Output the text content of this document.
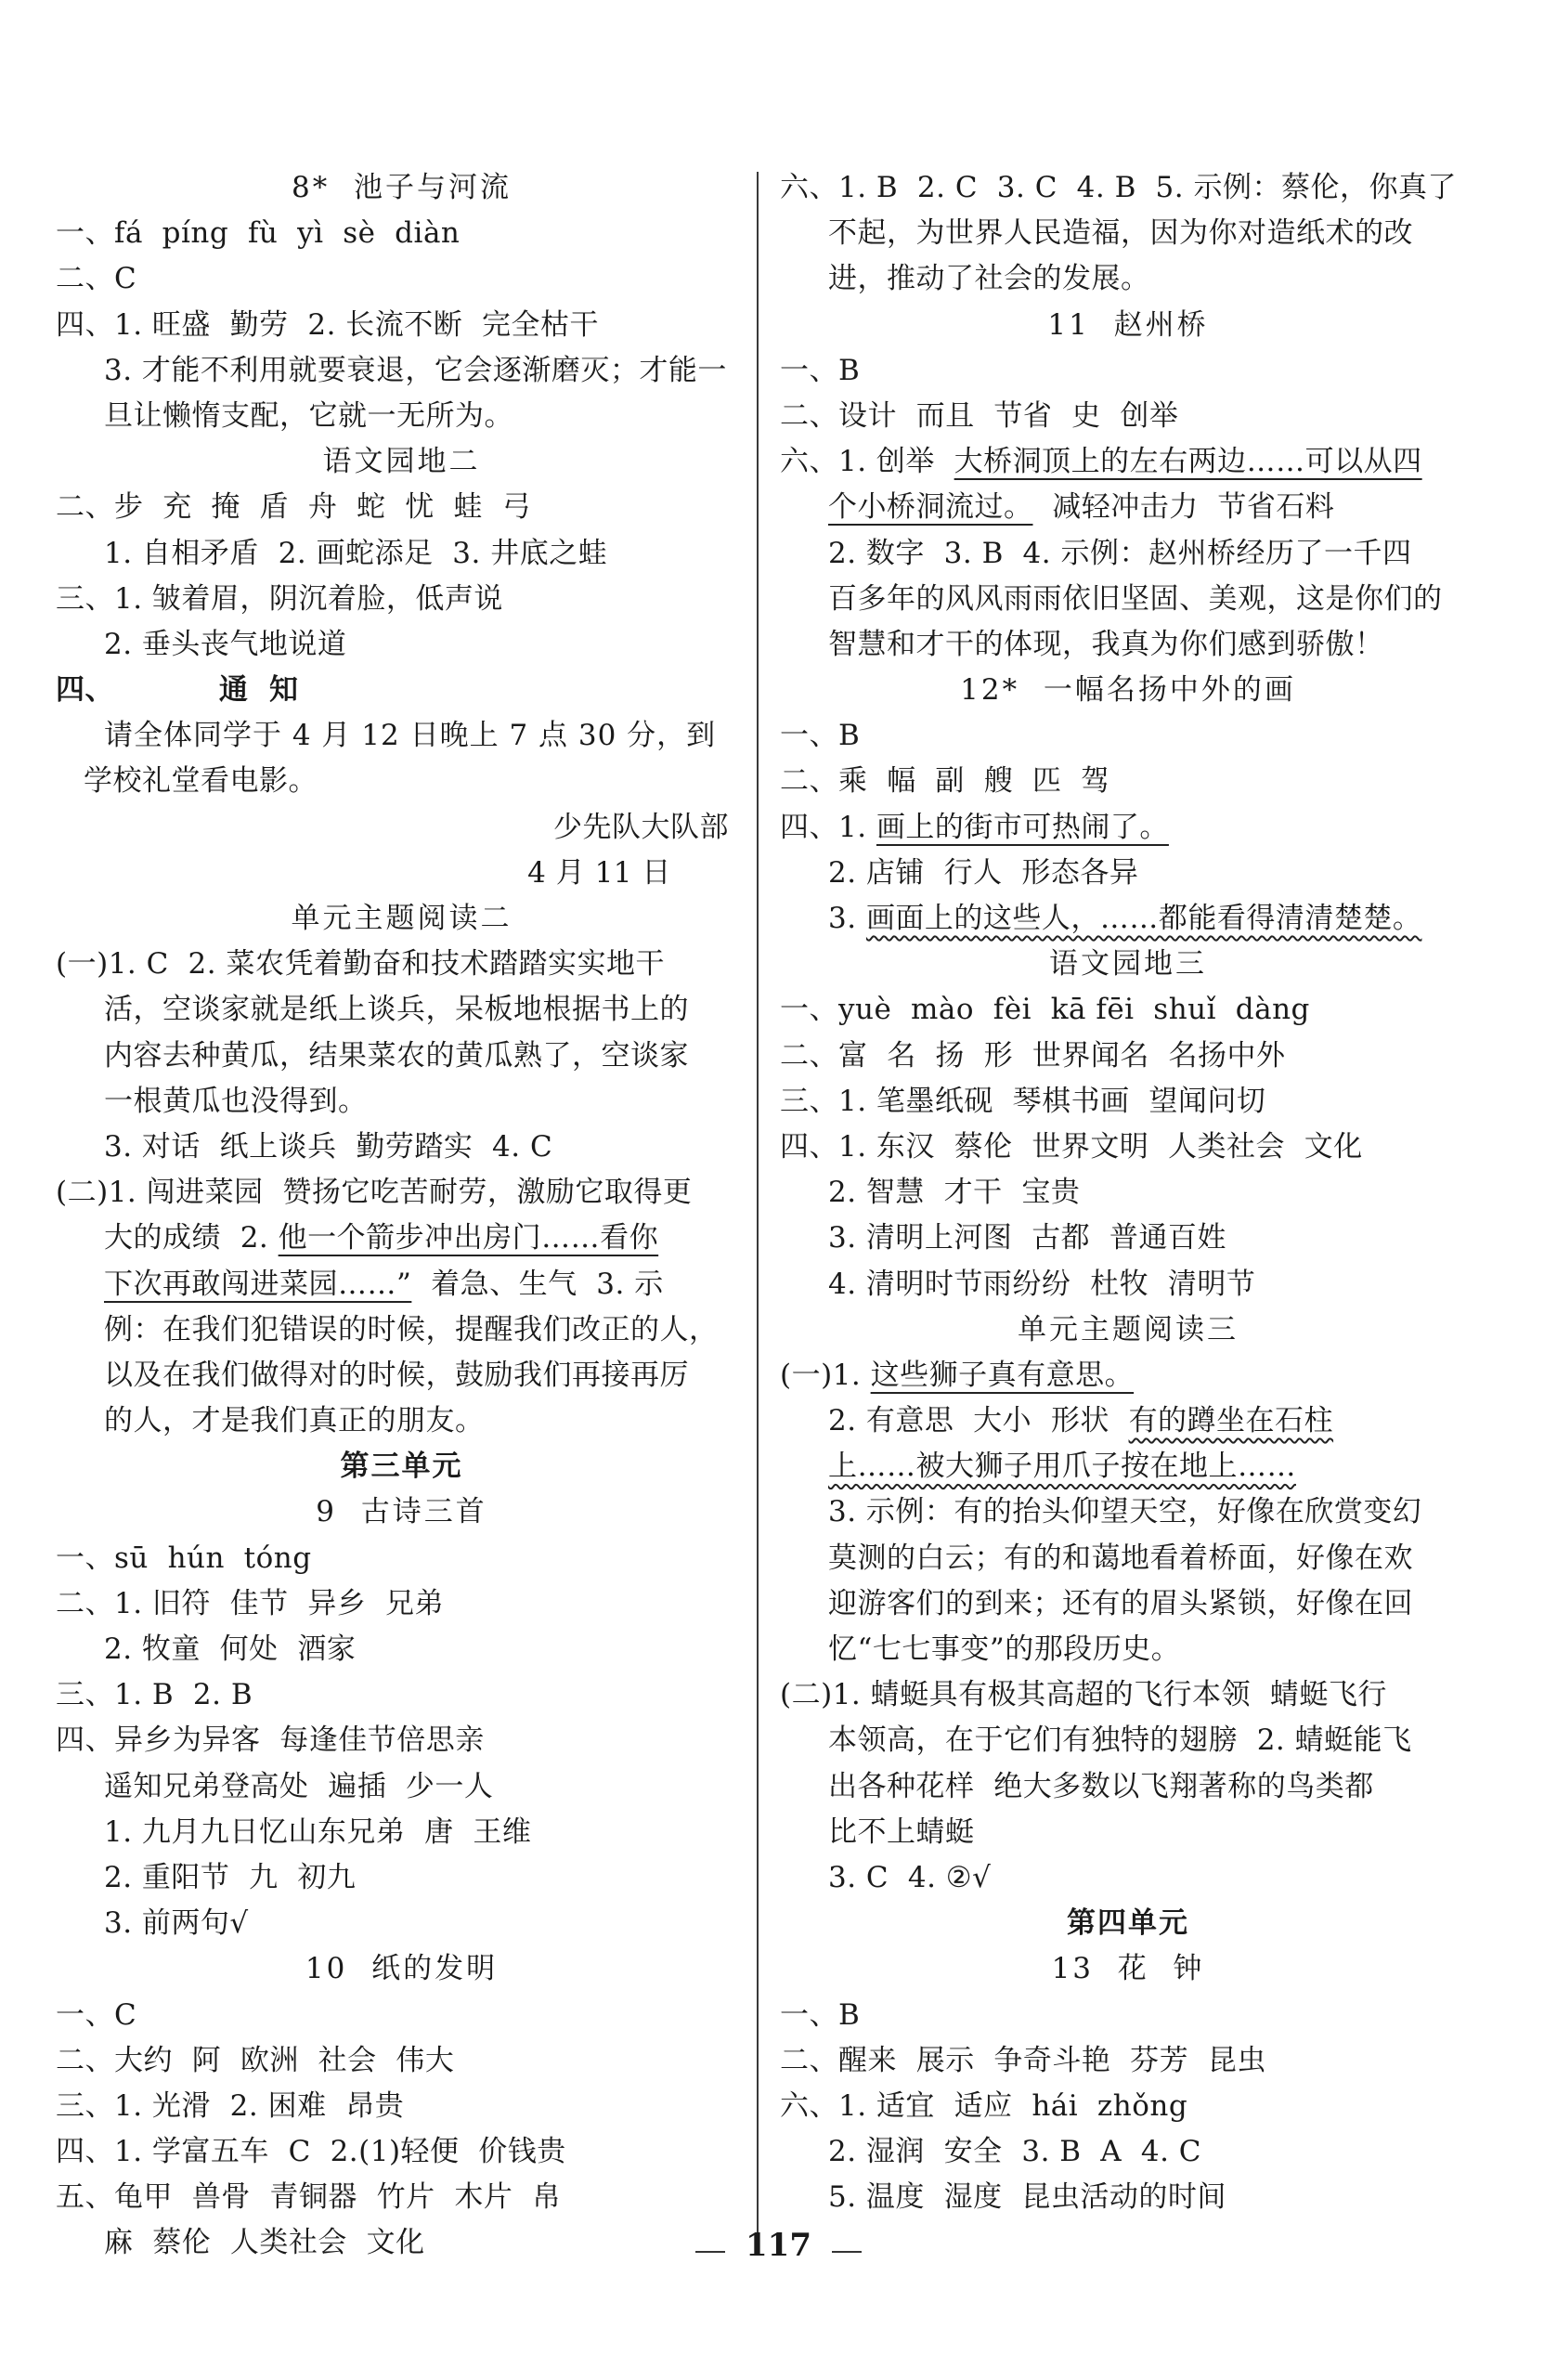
8*  池子与河流
一、fá  píng  fù  yì  sè  diàn
二、C
四、1. 旺盛  勤劳  2. 长流不断  完全枯干
3. 才能不利用就要衰退，它会逐渐磨灭；才能一
旦让懒惰支配，它就一无所为。
语文园地二
二、步  充  掩  盾  舟  蛇  忧  蛙  弓
1. 自相矛盾  2. 画蛇添足  3. 井底之蛙
三、1. 皱着眉，阴沉着脸，低声说
2. 垂头丧气地说道
四、          通  知
请全体同学于 4 月 12 日晚上 7 点 30 分，到
学校礼堂看电影。
少先队大队部
4 月 11 日
单元主题阅读二
(一)1. C  2. 菜农凭着勤奋和技术踏踏实实地干
活，空谈家就是纸上谈兵，呆板地根据书上的
内容去种黄瓜，结果菜农的黄瓜熟了，空谈家
一根黄瓜也没得到。
3. 对话  纸上谈兵  勤劳踏实  4. C
(二)1. 闯进菜园  赞扬它吃苦耐劳，激励它取得更
大的成绩  2. 他一个箭步冲出房门……看你
下次再敢闯进菜园……”  着急、生气  3. 示
例：在我们犯错误的时候，提醒我们改正的人，
以及在我们做得对的时候，鼓励我们再接再厉
的人，才是我们真正的朋友。
第三单元
9  古诗三首
一、sū  hún  tóng
二、1. 旧符  佳节  异乡  兄弟
2. 牧童  何处  酒家
三、1. B  2. B
四、异乡为异客  每逢佳节倍思亲
遥知兄弟登高处  遍插  少一人
1. 九月九日忆山东兄弟  唐  王维
2. 重阳节  九  初九
3. 前两句√
10  纸的发明
一、C
二、大约  阿  欧洲  社会  伟大
三、1. 光滑  2. 困难  昂贵
四、1. 学富五车  C  2.(1)轻便  价钱贵
五、龟甲  兽骨  青铜器  竹片  木片  帛
麻  蔡伦  人类社会  文化
六、1. B  2. C  3. C  4. B  5. 示例：蔡伦，你真了
不起，为世界人民造福，因为你对造纸术的改
进，推动了社会的发展。
11  赵州桥
一、B
二、设计  而且  节省  史  创举
六、1. 创举  大桥洞顶上的左右两边……可以从四
个小桥洞流过。  减轻冲击力  节省石料
2. 数字  3. B  4. 示例：赵州桥经历了一千四
百多年的风风雨雨依旧坚固、美观，这是你们的
智慧和才干的体现，我真为你们感到骄傲！
12*  一幅名扬中外的画
一、B
二、乘  幅  副  艘  匹  驾
四、1. 画上的街市可热闹了。
2. 店铺  行人  形态各异
3. 画面上的这些人，……都能看得清清楚楚。
语文园地三
一、yuè  mào  fèi  kā fēi  shuǐ  dàng
二、富  名  扬  形  世界闻名  名扬中外
三、1. 笔墨纸砚  琴棋书画  望闻问切
四、1. 东汉  蔡伦  世界文明  人类社会  文化
2. 智慧  才干  宝贵
3. 清明上河图  古都  普通百姓
4. 清明时节雨纷纷  杜牧  清明节
单元主题阅读三
(一)1. 这些狮子真有意思。
2. 有意思  大小  形状  有的蹲坐在石柱
上……被大狮子用爪子按在地上……
3. 示例：有的抬头仰望天空，好像在欣赏变幻
莫测的白云；有的和蔼地看着桥面，好像在欢
迎游客们的到来；还有的眉头紧锁，好像在回
忆“七七事变”的那段历史。
(二)1. 蜻蜓具有极其高超的飞行本领  蜻蜓飞行
本领高，在于它们有独特的翅膀  2. 蜻蜓能飞
出各种花样  绝大多数以飞翔著称的鸟类都
比不上蜻蜓
3. C  4. ②√
第四单元
13  花  钟
一、B
二、醒来  展示  争奇斗艳  芬芳  昆虫
六、1. 适宜  适应  hái  zhǒng
2. 湿润  安全  3. B  A  4. C
5. 温度  湿度  昆虫活动的时间
117
